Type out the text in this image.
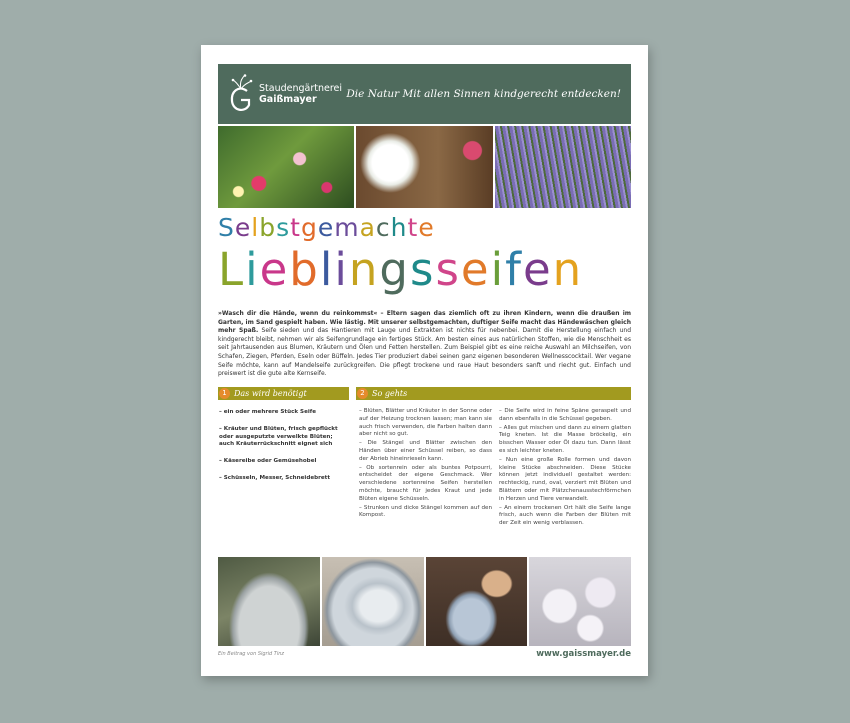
Staudengärtnerei
Gaißmayer	Die Natur Mit allen Sinnen kindgerecht entdecken!
Selbstgemachte
Lieblingsseifen
»Wasch dir die Hände, wenn du reinkommst« – Eltern sagen das ziemlich oft zu ihren Kindern, wenn die draußen im Garten, im Sand gespielt haben. Wie lästig. Mit unserer selbstgemachten, duftiger Seife macht das Händewäschen gleich mehr Spaß. Seife sieden und das Hantieren mit Lauge und Extrakten ist nichts für nebenbei. Damit die Herstellung einfach und kindgerecht bleibt, nehmen wir als Seifengrundlage ein fertiges Stück. Am besten eines aus natürlichen Stoffen, wie die Menschheit es seit Jahrtausenden aus Blumen, Kräutern und Ölen und Fetten herstellen. Zum Beispiel gibt es eine reiche Auswahl an Milchseifen, von Schafen, Ziegen, Pferden, Eseln oder Büffeln. Jedes Tier produziert dabei seinen ganz eigenen besonderen Wellnesscocktail. Wer vegane Seife möchte, kann auf Mandelseife zurückgreifen. Die pflegt trockene und raue Haut besonders sanft und riecht gut. Einfach und preiswert ist die gute alte Kernseife.
1 Das wird benötigt	2 So gehts
– ein oder mehrere Stück Seife
– Kräuter und Blüten, frisch gepflückt oder ausgeputzte verwelkte Blüten; auch Kräuterrückschnitt eignet sich
– Käsereibe oder Gemüsehobel
– Schüsseln, Messer, Schneidebrett
– Blüten, Blätter und Kräuter in der Sonne oder auf der Heizung trocknen lassen; man kann sie auch frisch verwenden, die Farben halten dann aber nicht so gut.
– Die Stängel und Blätter zwischen den Händen über einer Schüssel reiben, so dass der Abrieb hineinrieseln kann.
– Ob sortenrein oder als buntes Potpourri, entscheidet der eigene Geschmack. Wer verschiedene sortenreine Seifen herstellen möchte, braucht für jedes Kraut und jede Blüten eigene Schüsseln.
– Strunken und dicke Stängel kommen auf den Kompost.
– Die Seife wird in feine Späne geraspelt und dann ebenfalls in die Schüssel gegeben.
– Alles gut mischen und dann zu einem glatten Teig kneten. Ist die Masse bröckelig, ein bisschen Wasser oder Öl dazu tun. Dann lässt es sich leichter kneten.
– Nun eine große Rolle formen und davon kleine Stücke abschneiden. Diese Stücke können jetzt individuell gestaltet werden: rechteckig, rund, oval, verziert mit Blüten und Blättern oder mit Plätzchenausstechförmchen in Herzen und Tiere verwandelt.
– An einem trockenen Ort hält die Seife lange frisch, auch wenn die Farben der Blüten mit der Zeit ein wenig verblassen.
Ein Beitrag von Sigrid Tinz	www.gaissmayer.de
